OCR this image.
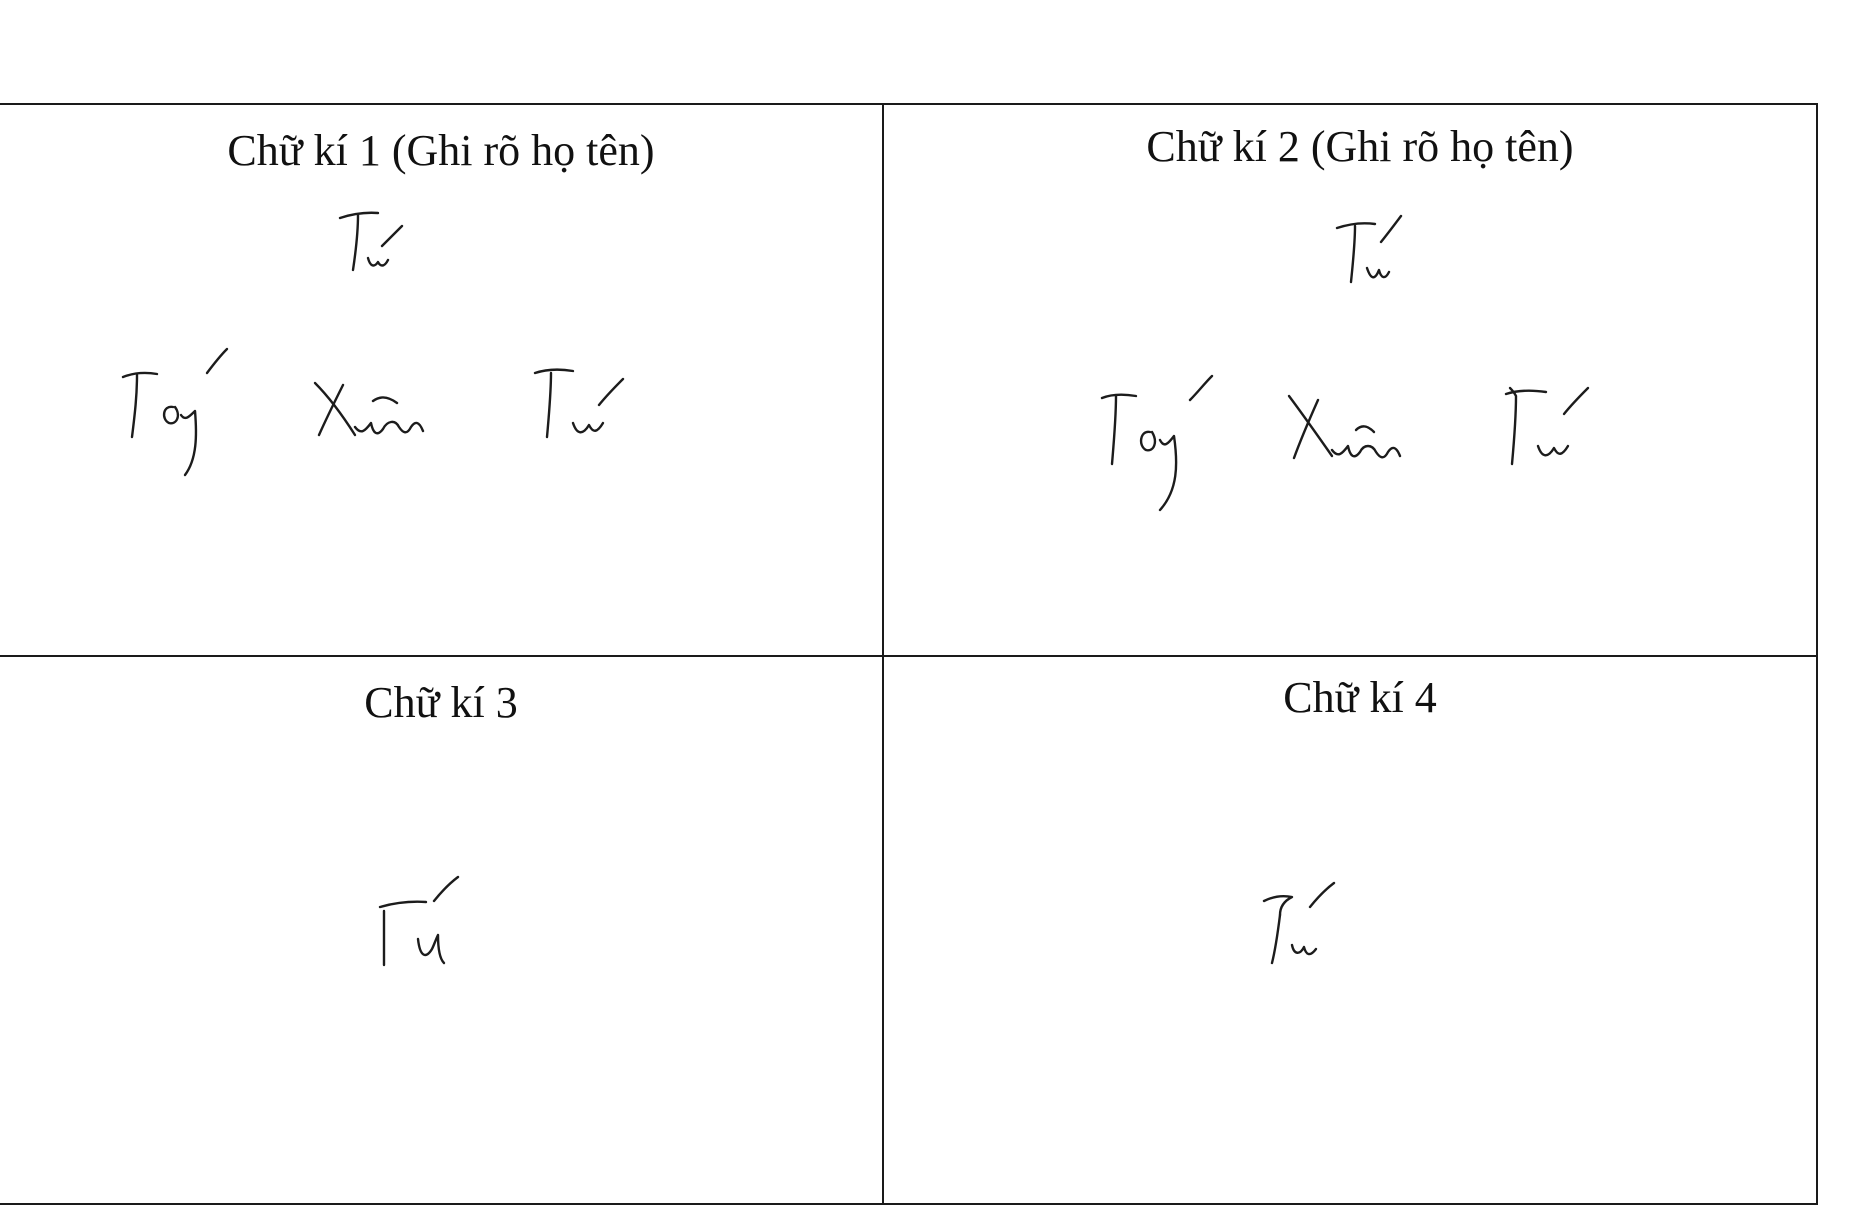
Chữ kí 1 (Ghi rõ họ tên)	Chữ kí 2 (Ghi rõ họ tên)
Chữ kí 3	Chữ kí 4
